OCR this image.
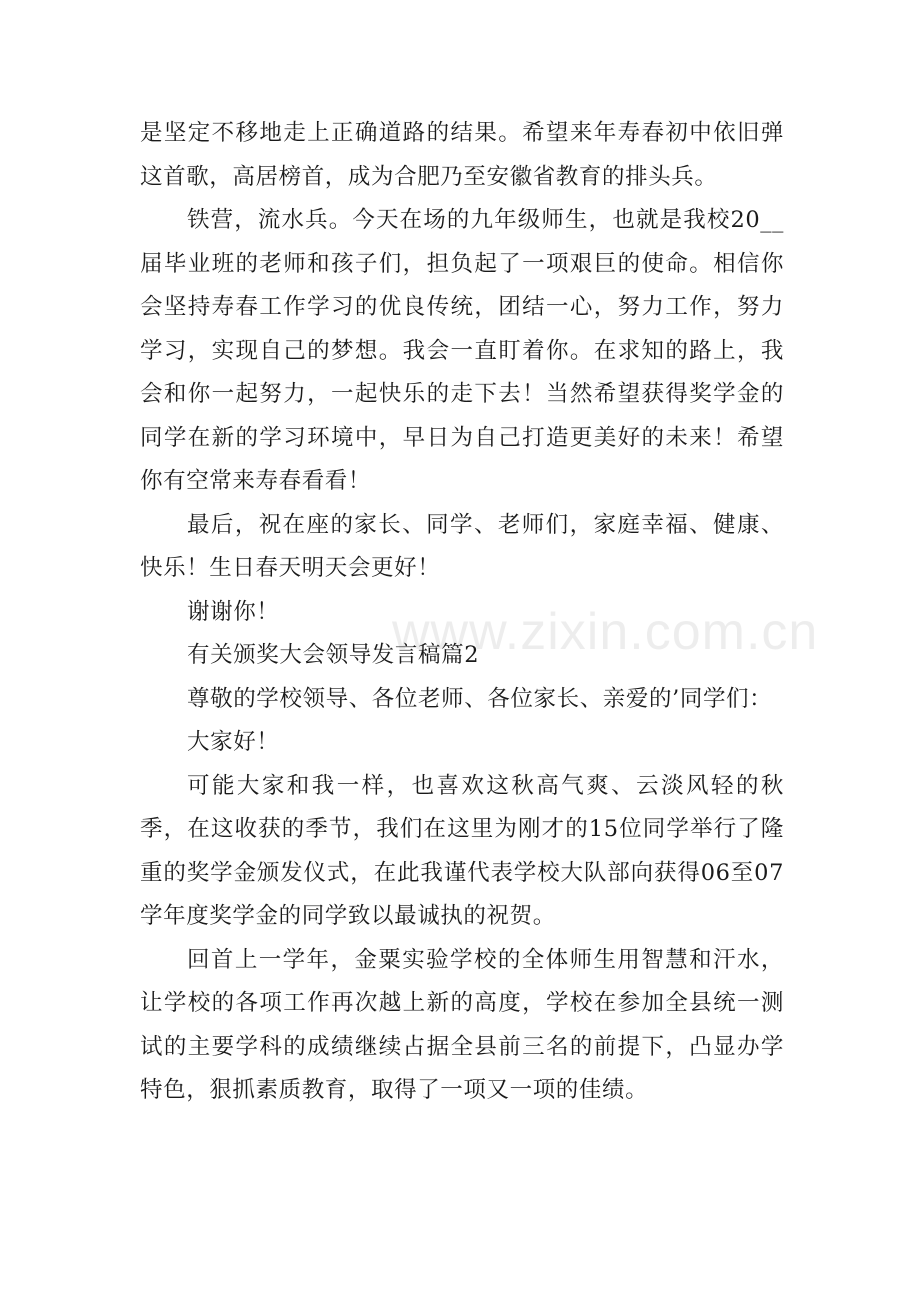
是坚定不移地走上正确道路的结果。希望来年寿春初中依旧弹这首歌，高居榜首，成为合肥乃至安徽省教育的排头兵。

铁营，流水兵。今天在场的九年级师生，也就是我校20__届毕业班的老师和孩子们，担负起了一项艰巨的使命。相信你会坚持寿春工作学习的优良传统，团结一心，努力工作，努力学习，实现自己的梦想。我会一直盯着你。在求知的路上，我会和你一起努力，一起快乐的走下去！当然希望获得奖学金的同学在新的学习环境中，早日为自己打造更美好的未来！希望你有空常来寿春看看！

最后，祝在座的家长、同学、老师们，家庭幸福、健康、快乐！生日春天明天会更好！

谢谢你！

有关颁奖大会领导发言稿篇2

尊敬的学校领导、各位老师、各位家长、亲爱的’同学们：

大家好！

可能大家和我一样，也喜欢这秋高气爽、云淡风轻的秋季，在这收获的季节，我们在这里为刚才的15位同学举行了隆重的奖学金颁发仪式，在此我谨代表学校大队部向获得06至07学年度奖学金的同学致以最诚执的祝贺。

回首上一学年，金粟实验学校的全体师生用智慧和汗水，让学校的各项工作再次越上新的高度，学校在参加全县统一测试的主要学科的成绩继续占据全县前三名的前提下，凸显办学特色，狠抓素质教育，取得了一项又一项的佳绩。

www.zixin.com.cn
